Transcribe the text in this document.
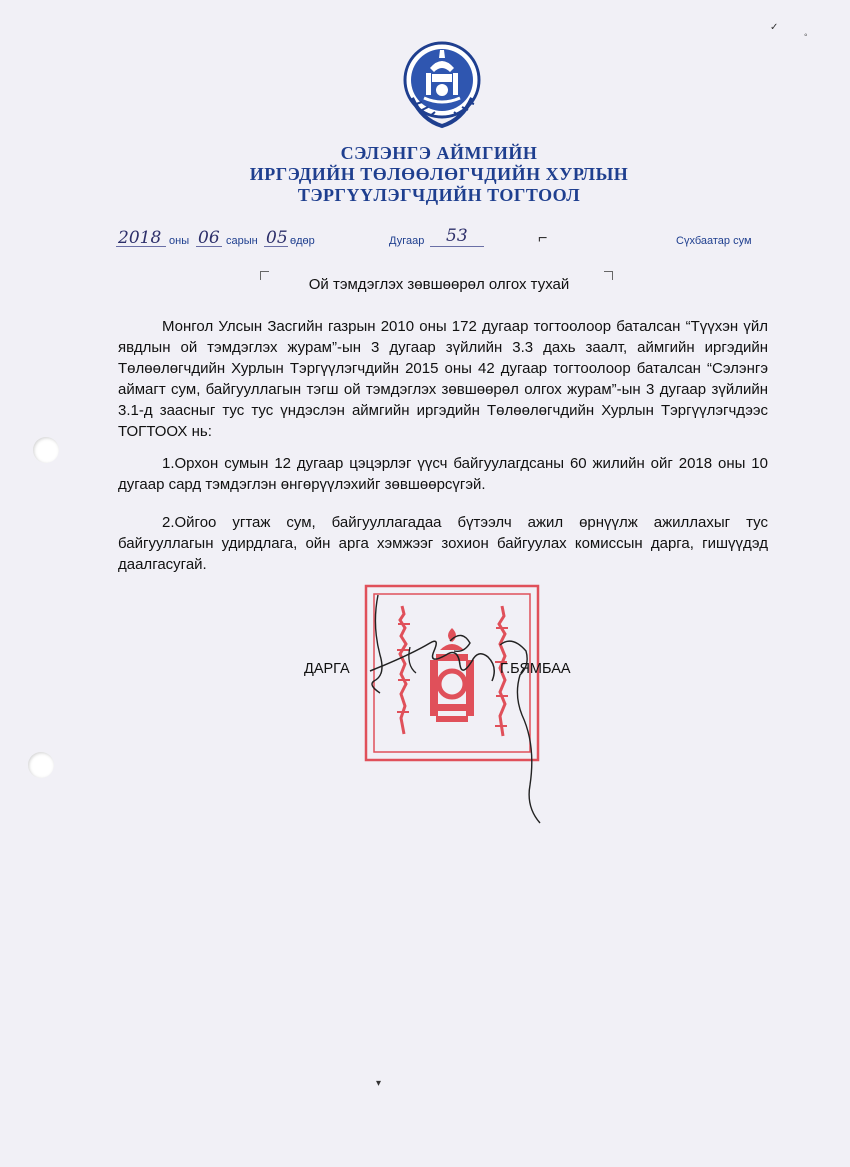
СЭЛЭНГЭ АЙМГИЙН
ИРГЭДИЙН ТӨЛӨӨЛӨГЧДИЙН ХУРЛЫН
ТЭРГҮҮЛЭГЧДИЙН ТОГТООЛ
2018 оны 06 сарын 05 өдөр	Дугаар 53	⌐	Сүхбаатар сум
Ой тэмдэглэх зөвшөөрөл олгох тухай

Монгол Улсын Засгийн газрын 2010 оны 172 дугаар тогтоолоор баталсан “Түүхэн үйл явдлын ой тэмдэглэх журам”-ын 3 дугаар зүйлийн 3.3 дахь заалт, аймгийн иргэдийн Төлөөлөгчдийн Хурлын Тэргүүлэгчдийн 2015 оны 42 дугаар тогтоолоор баталсан “Сэлэнгэ аймагт сум, байгууллагын тэгш ой тэмдэглэх зөвшөөрөл олгох журам”-ын 3 дугаар зүйлийн 3.1-д заасныг тус тус үндэслэн аймгийн иргэдийн Төлөөлөгчдийн Хурлын Тэргүүлэгчдээс ТОГТООХ нь:

1.Орхон сумын 12 дугаар цэцэрлэг үүсч байгуулагдсаны 60 жилийн ойг 2018 оны 10 дугаар сард тэмдэглэн өнгөрүүлэхийг зөвшөөрсүгэй.

2.Ойгоо угтаж сум, байгууллагадаа бүтээлч ажил өрнүүлж ажиллахыг тус байгууллагын удирдлага, ойн арга хэмжээг зохион байгуулах комиссын дарга, гишүүдэд даалгасугай.

ДАРГА	Г.БЯМБАА
✓
◦
▾
